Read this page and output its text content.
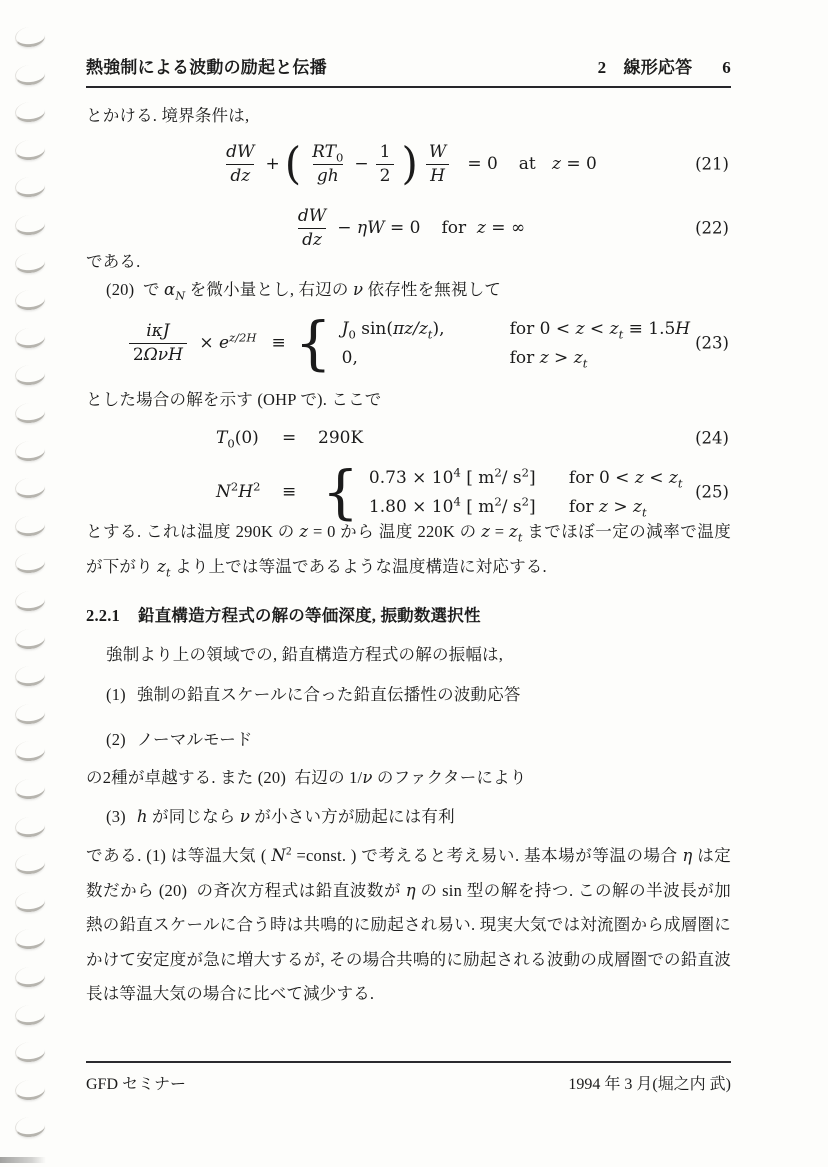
熱強制による波動の励起と伝播	2　線形応答 6
とかける. 境界条件は,
$\frac{dW}{dz}$ + ( $\frac{RT_0}{gh} - \frac{1}{2}$ ) $\frac{W}{H} = 0$ at   z = 0	(21)
$\frac{dW}{dz} - \eta W = 0$ for  z = ∞	(22)
である.
(20)  で $\alpha_N$ を微小量とし, 右辺の ν 依存性を無視して
$\frac{\text{iκJ}}{\text{2ΩνH}} \times e^{z/2H}$ ≡ { $J_0$ $\sin(\pi z/z_t)$,	for $0 < z < z_t \equiv 1.5H$
0,	for $z > z_t$
(23)
とした場合の解を示す (OHP で). ここで
$T_0(0)$	=	290K	(24)
$N^2H^2$	≡ { $0.73 \times 10^4$ [ $m^2/$ $s^2$]	for $0 < z < z_t$
$1.80 \times 10^4$ [ $m^2/$ $s^2$]	for $z > z_t$
(25)
とする. これは温度 290K の z = 0 から 温度 220K の $z = z_t$ までほぼ一定の減率で温度が下がり $z_t$ より上では等温であるような温度構造に対応する.
2.2.1 鉛直構造方程式の解の等価深度, 振動数選択性
強制より上の領域での, 鉛直構造方程式の解の振幅は,
(1) 強制の鉛直スケールに合った鉛直伝播性の波動応答
(2) ノーマルモード
の2種が卓越する. また (20)  右辺の 1/ν のファクターにより
(3) h が同じなら ν が小さい方が励起には有利
である. (1) は等温大気 ( $N^2$ =const. ) で考えると考え易い. 基本場が等温の場合 η は定数だから (20)  の斉次方程式は鉛直波数が η の sin 型の解を持つ. この解の半波長が加熱の鉛直スケールに合う時は共鳴的に励起され易い. 現実大気では対流圏から成層圏にかけて安定度が急に増大するが, その場合共鳴的に励起される波動の成層圏での鉛直波長は等温大気の場合に比べて減少する.
GFD セミナー	1994 年 3 月(堀之内 武)
